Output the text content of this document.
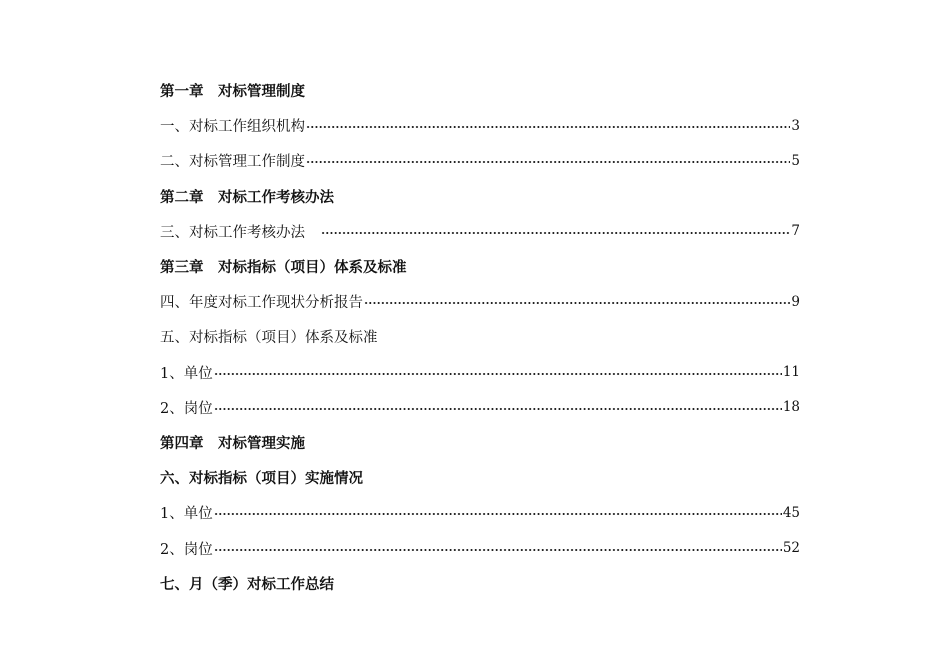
第一章　对标管理制度
一、对标工作组织机构	3
二、对标管理工作制度	5
第二章　对标工作考核办法
三、对标工作考核办法	7
第三章　对标指标（项目）体系及标准
四、年度对标工作现状分析报告	9
五、对标指标（项目）体系及标准
1、单位	11
2、岗位	18
第四章　对标管理实施
六、对标指标（项目）实施情况
1、单位	45
2、岗位	52
七、月（季）对标工作总结
